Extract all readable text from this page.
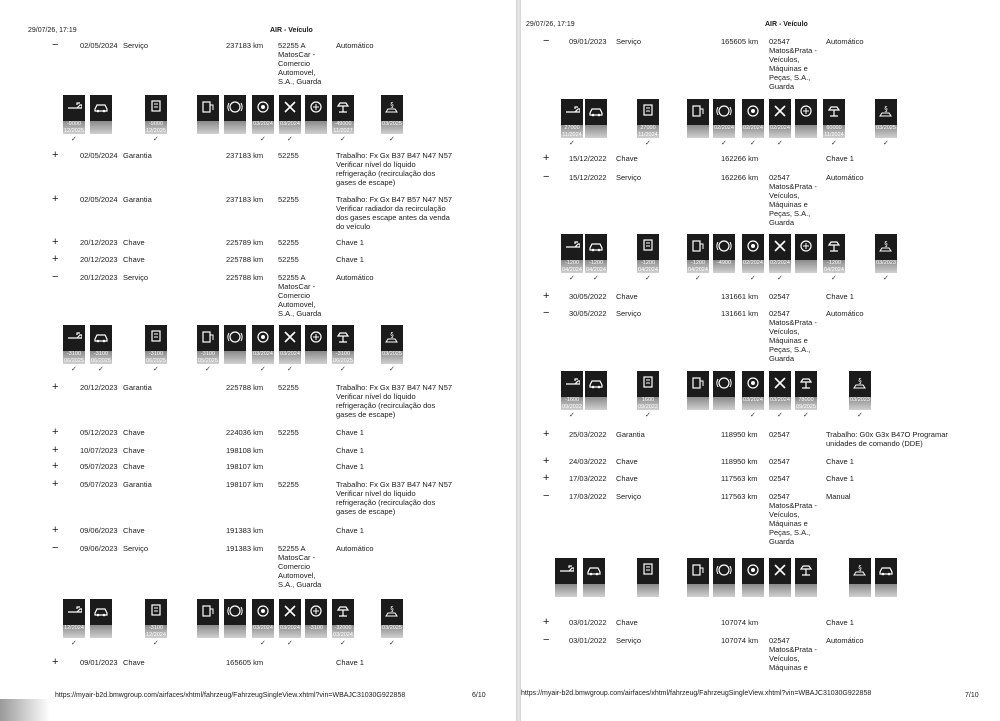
29/07/26, 17:19	AIR - Veículo
−	02/05/2024 Serviço	237183 km 52255 A MatosCar - Comercio Automovel, S.A., Guarda
Automático
+	02/05/2024 Garantia	237183 km 52255	Trabalho: Fx Gx B37 B47 N47 N57 Verificar nível do líquido refrigeração (recirculação dos gases de escape)
+	02/05/2024 Garantia	237183 km 52255	Trabalho: Fx Gx B47 B57 N47 N57 Verificar radiador da recirculação dos gases escape antes da venda do veículo
+	20/12/2023 Chave	225789 km 52255	Chave 1
+	20/12/2023 Chave	225788 km 52255	Chave 1
−	20/12/2023 Serviço	225788 km 52255 A MatosCar - Comercio Automovel, S.A., Guarda
Automático
+	20/12/2023 Garantia	225788 km 52255	Trabalho: Fx Gx B37 B47 N47 N57 Verificar nível do líquido refrigeração (recirculação dos gases de escape)
+	05/12/2023 Chave	224036 km 52255	Chave 1
+	10/07/2023 Chave	198108 km	Chave 1
+	05/07/2023 Chave	198107 km	Chave 1
+	05/07/2023 Garantia	198107 km 52255	Trabalho: Fx Gx B37 B47 N47 N57 Verificar nível do líquido refrigeração (recirculação dos gases de escape)
+	09/06/2023 Chave	191383 km	Chave 1
−	09/06/2023 Serviço	191383 km 52255 A MatosCar - Comercio Automovel, S.A., Guarda
Automático
+	09/01/2023 Chave	165605 km	Chave 1
-9000
12/2025
✓
-9000
12/2025
✓
03/2024
✓
03/2024
✓
-49000
11/2027
✓
§
03/2025
✓
-3100
06/2025
✓
-3100
06/2025
✓
-3100
06/2025
✓
-3100
05/2025
✓
03/2024
✓
03/2024
✓
-3100
06/2025
✓
§
03/2025
✓
12/2024
✓
-3100
12/2024
✓
03/2024
✓
03/2024
✓
-3100	-32000
03/2024
✓
§
03/2025
✓
https://myair-b2d.bmwgroup.com/airfaces/xhtml/fahrzeug/FahrzeugSingleView.xhtml?vin=WBAJC31030G922858	6/10
29/07/26, 17:19	AIR - Veículo
−	09/01/2023 Serviço	165605 km 02547 Matos&Prata - Veículos, Máquinas e Peças, S.A., Guarda
Automático
+	15/12/2022 Chave	162266 km	Chave 1
−	15/12/2022 Serviço	162266 km 02547 Matos&Prata - Veículos, Máquinas e Peças, S.A., Guarda
Automático
+	30/05/2022 Chave	131661 km 02547	Chave 1
−	30/05/2022 Serviço	131661 km 02547 Matos&Prata - Veículos, Máquinas e Peças, S.A., Guarda
Automático
+	25/03/2022 Garantia	118950 km 02547	Trabalho: G0x G3x B47O Programar unidades de comando (DDE)
+	24/03/2022 Chave	118950 km 02547	Chave 1
+	17/03/2022 Chave	117563 km 02547	Chave 1
−	17/03/2022 Serviço	117563 km 02547 Matos&Prata - Veículos, Máquinas e Peças, S.A., Guarda
Manual
+	03/01/2022 Chave	107074 km	Chave 1
−	03/01/2022 Serviço	107074 km 02547 Matos&Prata - Veículos, Máquinas e
Automático
27000
11/2024
✓
27000
11/2024
✓
02/2024
✓
02/2024
✓
02/2024
✓
60000
11/2024
✓
§
03/2025
✓
-1200
04/2024
✓
-1200
04/2024
✓
-1200
04/2024
✓
-1200
04/2024
✓
-4900	02/2024
✓
02/2024
✓
-1200
04/2024
✓
§
03/2023
✓
-1600
09/2022
✓
1600
09/2022
✓
03/2024
✓
03/2024
✓
78000
09/2025
✓
§
03/2023
✓
§
https://myair-b2d.bmwgroup.com/airfaces/xhtml/fahrzeug/FahrzeugSingleView.xhtml?vin=WBAJC31030G922858	7/10
